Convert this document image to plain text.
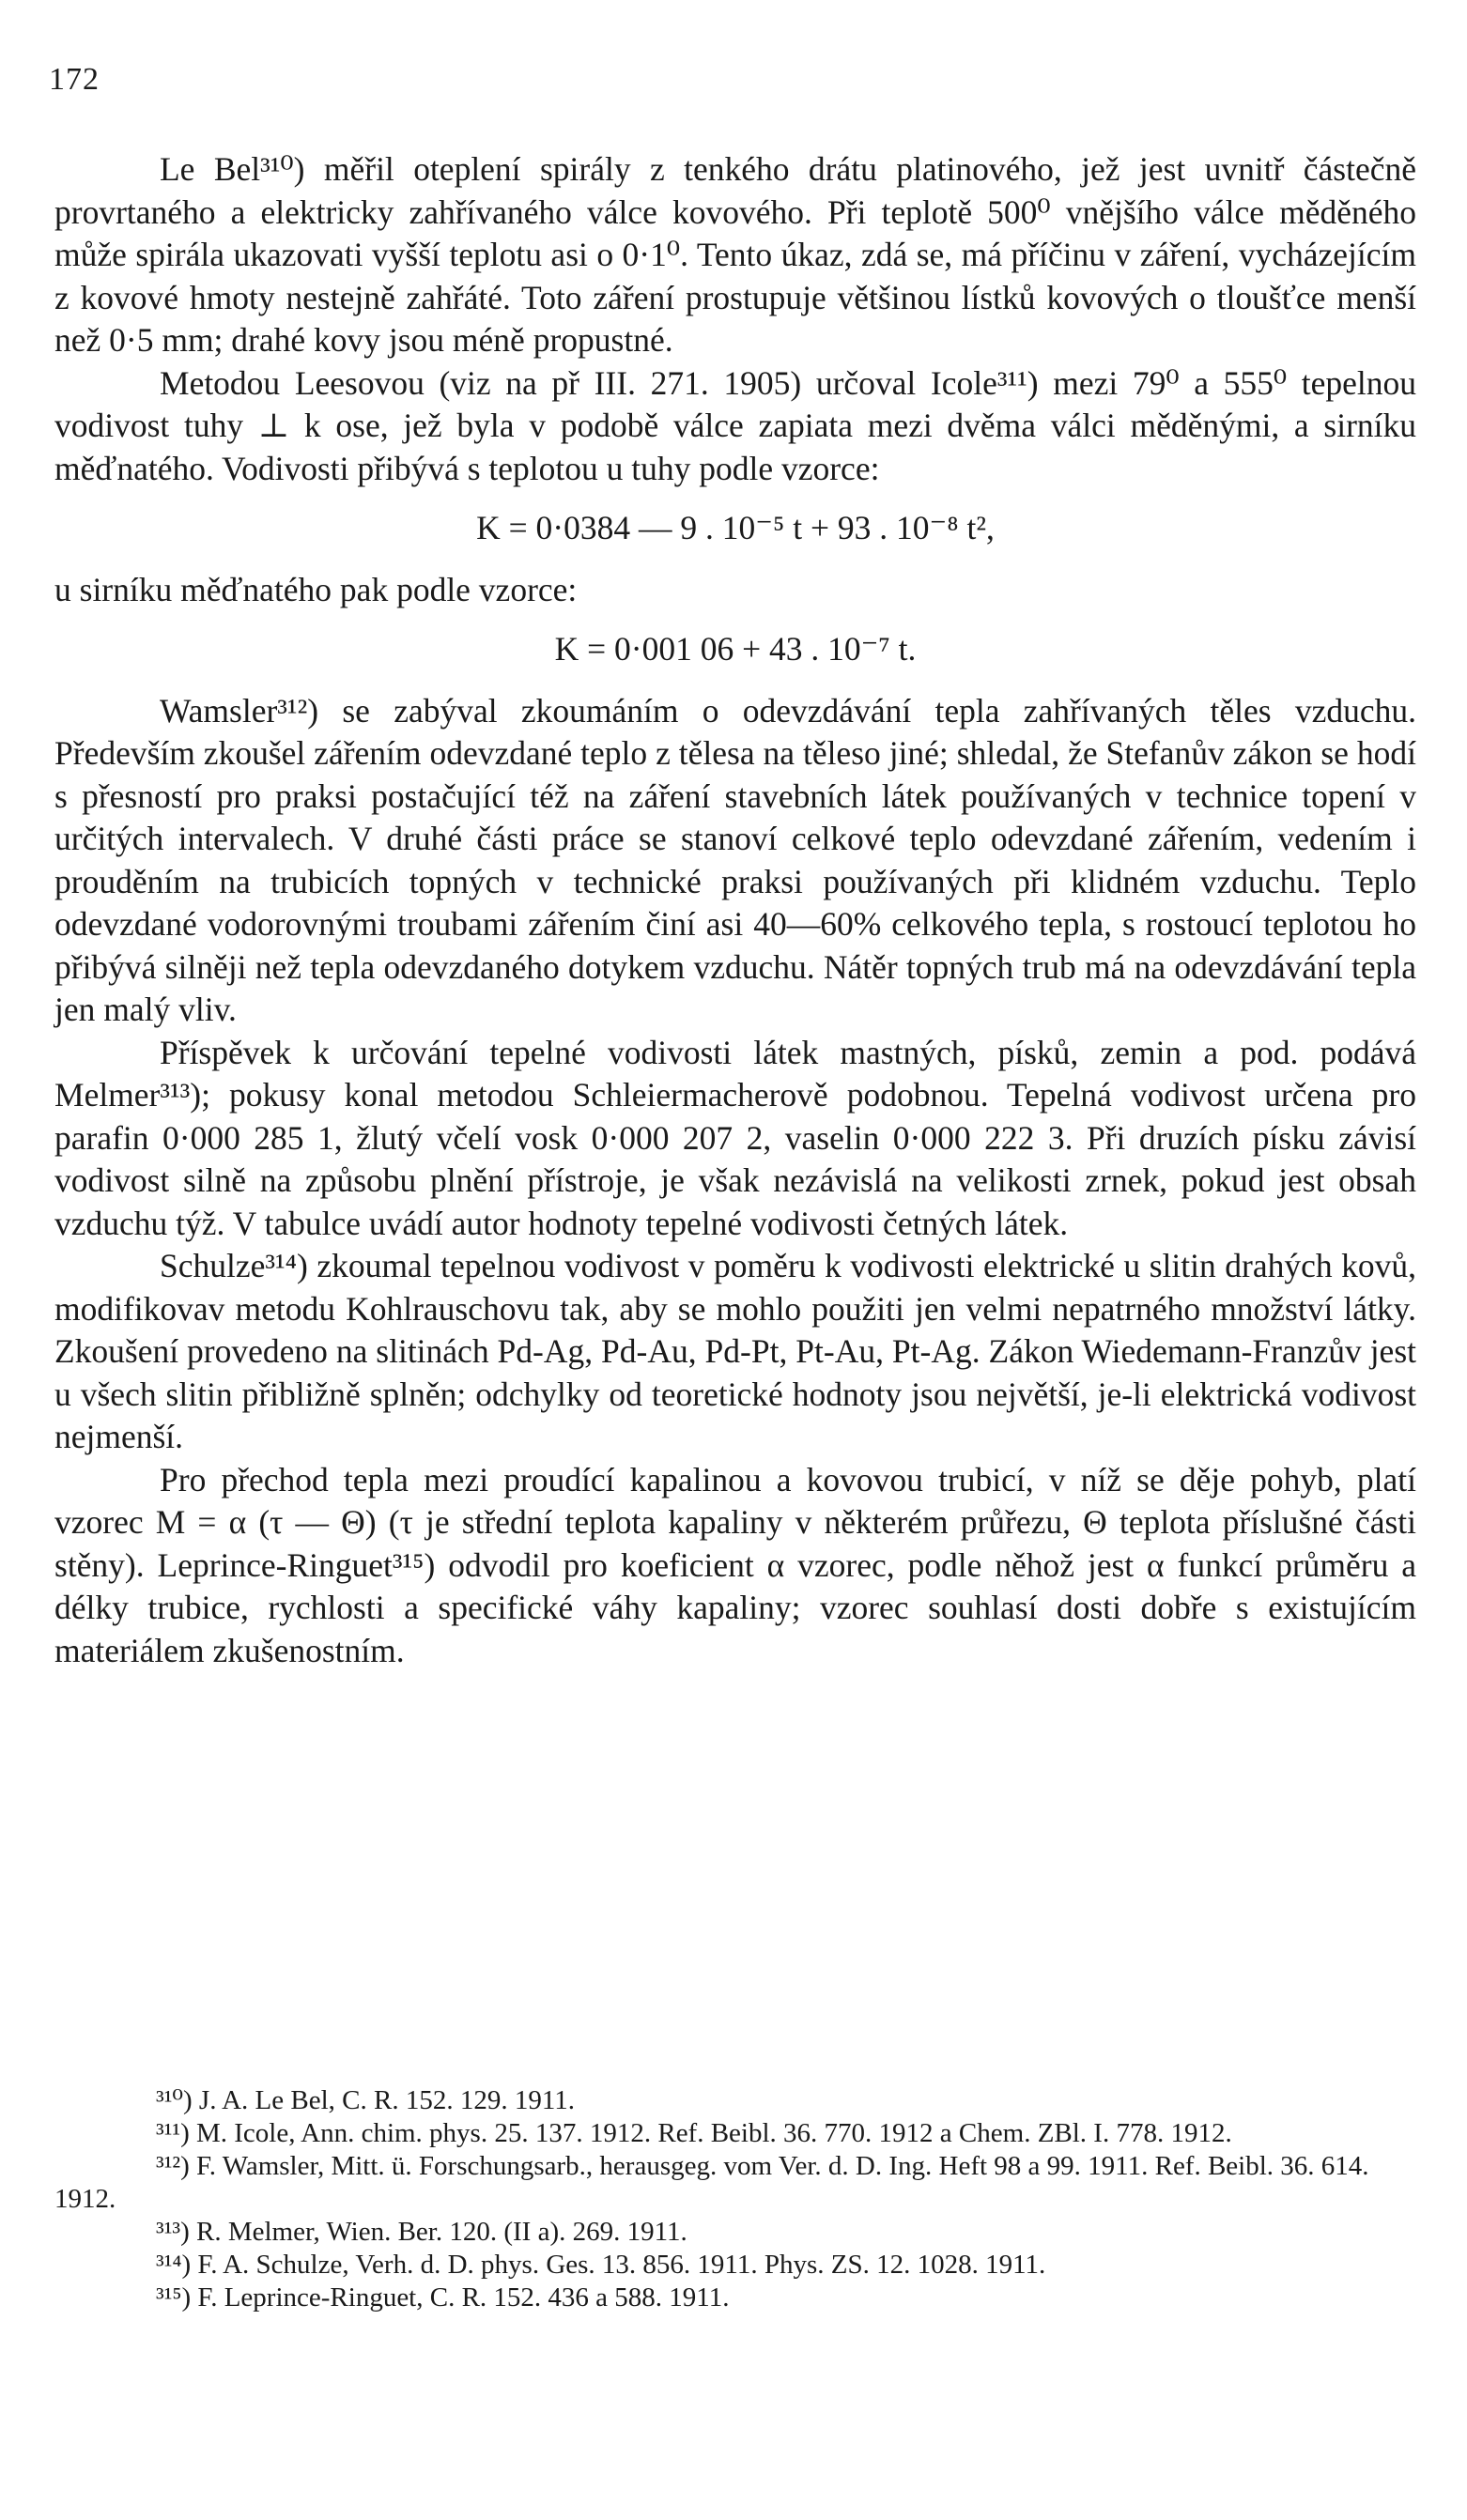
172

Le Bel³¹⁰) měřil oteplení spirály z tenkého drátu platinového, jež jest uvnitř částečně provrtaného a elektricky zahřívaného válce kovového. Při teplotě 500⁰ vnějšího válce měděného může spirála ukazovati vyšší teplotu asi o 0·1⁰. Tento úkaz, zdá se, má příčinu v záření, vycházejícím z kovové hmoty nestejně zahřáté. Toto záření prostupuje většinou lístků kovových o tloušťce menší než 0·5 mm; drahé kovy jsou méně propustné.

Metodou Leesovou (viz na př III. 271. 1905) určoval Icole³¹¹) mezi 79⁰ a 555⁰ tepelnou vodivost tuhy ⊥ k ose, jež byla v podobě válce zapiata mezi dvěma válci měděnými, a sirníku měďnatého. Vodivosti přibývá s teplotou u tuhy podle vzorce:

K = 0·0384 — 9 . 10⁻⁵ t + 93 . 10⁻⁸ t²,

u sirníku měďnatého pak podle vzorce:

K = 0·001 06 + 43 . 10⁻⁷ t.

Wamsler³¹²) se zabýval zkoumáním o odevzdávání tepla zahřívaných těles vzduchu. Především zkoušel zářením odevzdané teplo z tělesa na těleso jiné; shledal, že Stefanův zákon se hodí s přesností pro praksi postačující též na záření stavebních látek používaných v technice topení v určitých intervalech. V druhé části práce se stanoví celkové teplo odevzdané zářením, vedením i prouděním na trubicích topných v technické praksi používaných při klidném vzduchu. Teplo odevzdané vodorovnými troubami zářením činí asi 40—60% celkového tepla, s rostoucí teplotou ho přibývá silněji než tepla odevzdaného dotykem vzduchu. Nátěr topných trub má na odevzdávání tepla jen malý vliv.

Příspěvek k určování tepelné vodivosti látek mastných, písků, zemin a pod. podává Melmer³¹³); pokusy konal metodou Schleiermacherově podobnou. Tepelná vodivost určena pro parafin 0·000 285 1, žlutý včelí vosk 0·000 207 2, vaselin 0·000 222 3. Při druzích písku závisí vodivost silně na způsobu plnění přístroje, je však nezávislá na velikosti zrnek, pokud jest obsah vzduchu týž. V tabulce uvádí autor hodnoty tepelné vodivosti četných látek.

Schulze³¹⁴) zkoumal tepelnou vodivost v poměru k vodivosti elektrické u slitin drahých kovů, modifikovav metodu Kohlrauschovu tak, aby se mohlo použiti jen velmi nepatrného množství látky. Zkoušení provedeno na slitinách Pd-Ag, Pd-Au, Pd-Pt, Pt-Au, Pt-Ag. Zákon Wiedemann-Franzův jest u všech slitin přibližně splněn; odchylky od teoretické hodnoty jsou největší, je-li elektrická vodivost nejmenší.

Pro přechod tepla mezi proudící kapalinou a kovovou trubicí, v níž se děje pohyb, platí vzorec M = α (τ — Θ) (τ je střední teplota kapaliny v některém průřezu, Θ teplota příslušné části stěny). Leprince-Ringuet³¹⁵) odvodil pro koeficient α vzorec, podle něhož jest α funkcí průměru a délky trubice, rychlosti a specifické váhy kapaliny; vzorec souhlasí dosti dobře s existujícím materiálem zkušenostním.

³¹⁰) J. A. Le Bel, C. R. 152. 129. 1911.

³¹¹) M. Icole, Ann. chim. phys. 25. 137. 1912. Ref. Beibl. 36. 770. 1912 a Chem. ZBl. I. 778. 1912.

³¹²) F. Wamsler, Mitt. ü. Forschungsarb., herausgeg. vom Ver. d. D. Ing. Heft 98 a 99. 1911. Ref. Beibl. 36. 614. 1912.

³¹³) R. Melmer, Wien. Ber. 120. (II a). 269. 1911.

³¹⁴) F. A. Schulze, Verh. d. D. phys. Ges. 13. 856. 1911. Phys. ZS. 12. 1028. 1911.

³¹⁵) F. Leprince-Ringuet, C. R. 152. 436 a 588. 1911.
